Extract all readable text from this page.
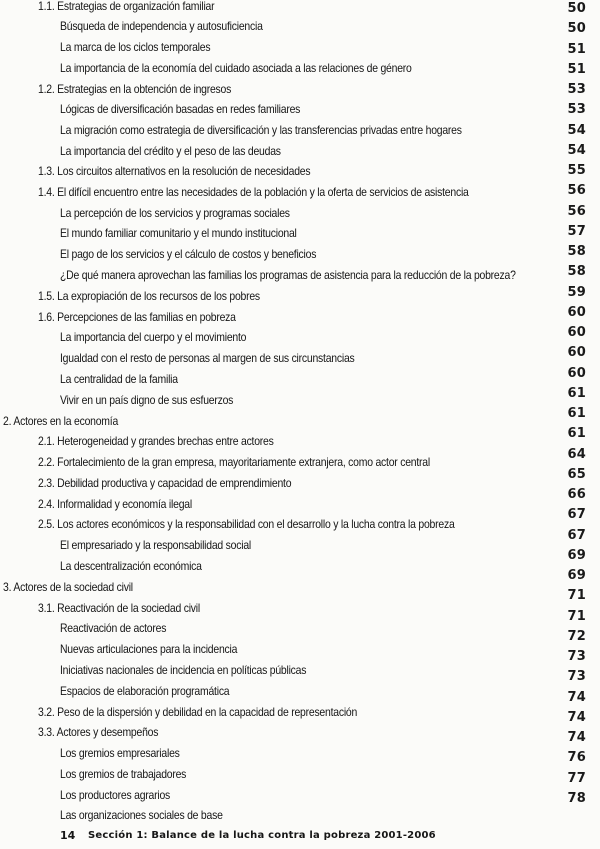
1.1. Estrategias de organización familiar
Búsqueda de independencia y autosuficiencia
La marca de los ciclos temporales
La importancia de la economía del cuidado asociada a las relaciones de género
1.2. Estrategias en la obtención de ingresos
Lógicas de diversificación basadas en redes familiares
La migración como estrategia de diversificación y las transferencias privadas entre hogares
La importancia del crédito y el peso de las deudas
1.3. Los circuitos alternativos en la resolución de necesidades
1.4. El difícil encuentro entre las necesidades de la población y la oferta de servicios de asistencia
La percepción de los servicios y programas sociales
El mundo familiar comunitario y el mundo institucional
El pago de los servicios y el cálculo de costos y beneficios
¿De qué manera aprovechan las familias los programas de asistencia para la reducción de la pobreza?
1.5. La expropiación de los recursos de los pobres
1.6. Percepciones de las familias en pobreza
La importancia del cuerpo y el movimiento
Igualdad con el resto de personas al margen de sus circunstancias
La centralidad de la familia
Vivir en un país digno de sus esfuerzos
2. Actores en la economía
2.1. Heterogeneidad y grandes brechas entre actores
2.2. Fortalecimiento de la gran empresa, mayoritariamente extranjera, como actor central
2.3. Debilidad productiva y capacidad de emprendimiento
2.4. Informalidad y economía ilegal
2.5. Los actores económicos y la responsabilidad con el desarrollo y la lucha contra la pobreza
El empresariado y la responsabilidad social
La descentralización económica
3. Actores de la sociedad civil
3.1. Reactivación de la sociedad civil
Reactivación de actores
Nuevas articulaciones para la incidencia
Iniciativas nacionales de incidencia en políticas públicas
Espacios de elaboración programática
3.2. Peso de la dispersión y debilidad en la capacidad de representación
3.3. Actores y desempeños
Los gremios empresariales
Los gremios de trabajadores
Los productores agrarios
Las organizaciones sociales de base
50
50
51
51
53
53
54
54
55
56
56
57
58
58
59
60
60
60
60
61
61
61
64
65
66
67
67
69
69
71
71
72
73
73
74
74
74
76
77
78
14 Sección 1: Balance de la lucha contra la pobreza 2001-2006
